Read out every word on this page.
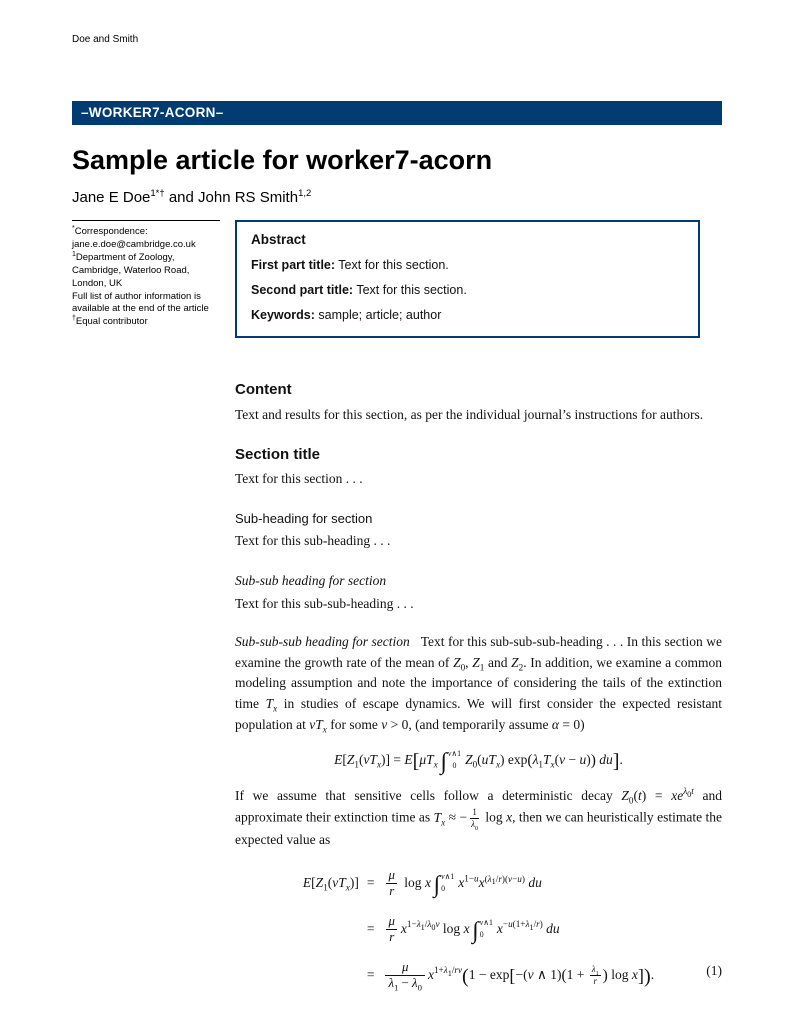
Doe and Smith
–WORKER7-ACORN–
Sample article for worker7-acorn
Jane E Doe$^{1*\dagger}$ and John RS Smith$^{1,2}$
*Correspondence:
jane.e.doe@cambridge.co.uk
$^1$Department of Zoology,
Cambridge, Waterloo Road,
London, UK
Full list of author information is
available at the end of the article
†Equal contributor
Abstract

First part title: Text for this section.

Second part title: Text for this section.

Keywords: sample; article; author

Content

Text and results for this section, as per the individual journal’s instructions for authors.

Section title

Text for this section . . .

Sub-heading for section

Text for this sub-heading . . .

Sub-sub heading for section

Text for this sub-sub-heading . . .

Sub-sub-sub heading for section Text for this sub-sub-sub-heading . . . In this section we examine the growth rate of the mean of $Z_0$, $Z_1$ and $Z_2$. In addition, we examine a common modeling assumption and note the importance of considering the tails of the extinction time $T_x$ in studies of escape dynamics. We will first consider the expected resistant population at $vT_x$ for some v > 0, (and temporarily assume α = 0)

$E[Z_1(vT_x)] = E[\mu T_x$  ∫ v∧1
0 $Z_0(uT_x) \exp(\lambda_1T_x(v - u))$ du].

If we assume that sensitive cells follow a deterministic decay $Z_0(t) = xe^{\lambda_0t}$ and approximate their extinction time as $T_x$ ≈ − $\frac{1}{\lambda_0}$ log x, then we can heuristically estimate the expected value as

$E[Z_1(vT_x)]$	=	$\frac{\mu}{r}$ log x  ∫ v∧1
0 $x^{1-u}x^{(\lambda_1/r)(v-u)}$ du
	=	$\frac{\mu}{r} x^{1-\lambda_1/\lambda_0v}$ log x  ∫ v∧1
0 $x^{-u(1+\lambda_1/r)}$ du
	=	$\frac{\mu}{\lambda_1 - \lambda_0} x^{1+\lambda_1/rv}(1 - \exp[-(v$ ∧ $1)(1 + \frac{\lambda_1}{r}$ ) log x]).	(1)
